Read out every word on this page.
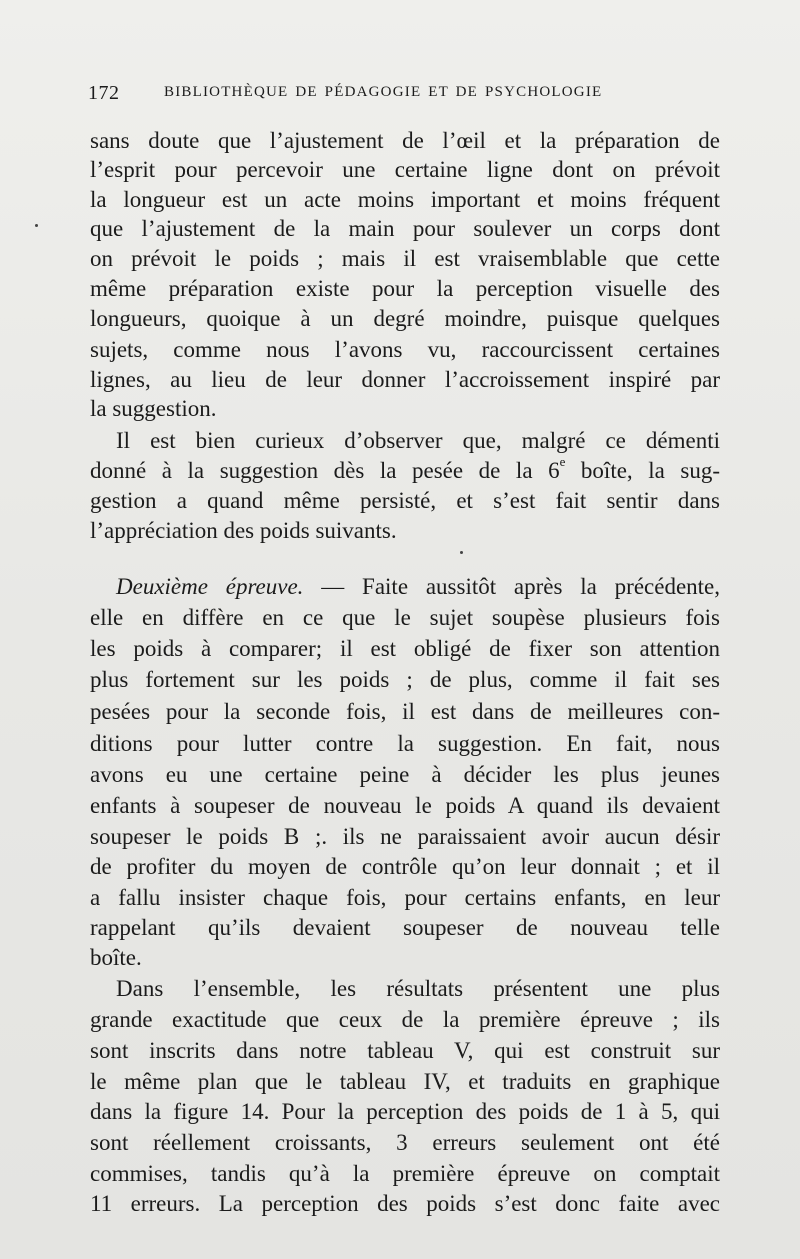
172	BIBLIOTHÈQUE DE PÉDAGOGIE ET DE PSYCHOLOGIE
sans doute que l’ajustement de l’œil et la préparation de
l’esprit pour percevoir une certaine ligne dont on prévoit
la longueur est un acte moins important et moins fréquent
que l’ajustement de la main pour soulever un corps dont
on prévoit le poids ; mais il est vraisemblable que cette
même préparation existe pour la perception visuelle des
longueurs, quoique à un degré moindre, puisque quelques
sujets, comme nous l’avons vu, raccourcissent certaines
lignes, au lieu de leur donner l’accroissement inspiré par
la suggestion.
Il est bien curieux d’observer que, malgré ce démenti
donné à la suggestion dès la pesée de la 6e boîte, la sug-
gestion a quand même persisté, et s’est fait sentir dans
l’appréciation des poids suivants.
Deuxième épreuve. — Faite aussitôt après la précédente,
elle en diffère en ce que le sujet soupèse plusieurs fois
les poids à comparer; il est obligé de fixer son attention
plus fortement sur les poids ; de plus, comme il fait ses
pesées pour la seconde fois, il est dans de meilleures con-
ditions pour lutter contre la suggestion. En fait, nous
avons eu une certaine peine à décider les plus jeunes
enfants à soupeser de nouveau le poids A quand ils devaient
soupeser le poids B ;. ils ne paraissaient avoir aucun désir
de profiter du moyen de contrôle qu’on leur donnait ; et il
a fallu insister chaque fois, pour certains enfants, en leur
rappelant qu’ils devaient soupeser de nouveau telle
boîte.
Dans l’ensemble, les résultats présentent une plus
grande exactitude que ceux de la première épreuve ; ils
sont inscrits dans notre tableau V, qui est construit sur
le même plan que le tableau IV, et traduits en graphique
dans la figure 14. Pour la perception des poids de 1 à 5, qui
sont réellement croissants, 3 erreurs seulement ont été
commises, tandis qu’à la première épreuve on comptait
11 erreurs. La perception des poids s’est donc faite avec
